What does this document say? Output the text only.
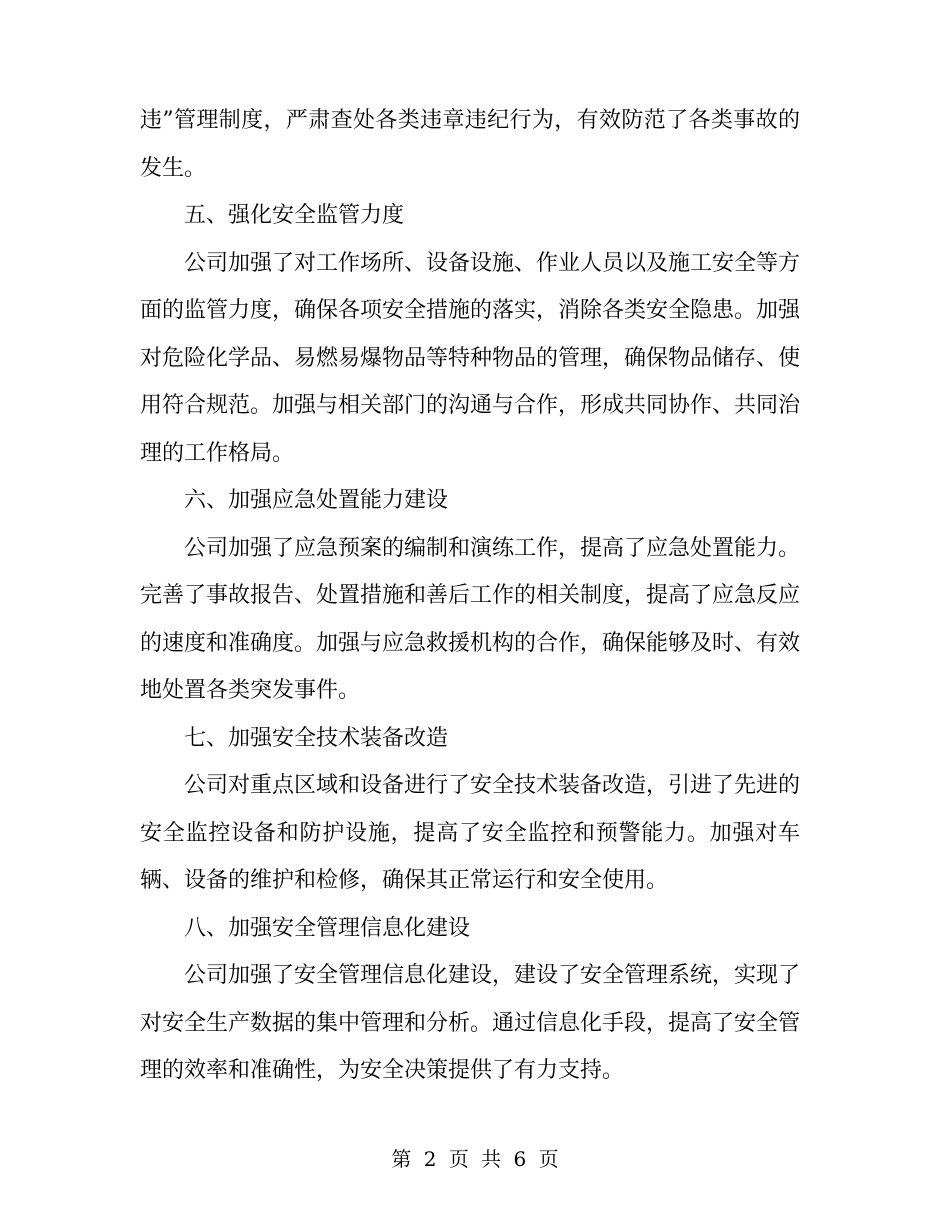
违”管理制度，严肃查处各类违章违纪行为，有效防范了各类事故的发生。

五、强化安全监管力度

公司加强了对工作场所、设备设施、作业人员以及施工安全等方面的监管力度，确保各项安全措施的落实，消除各类安全隐患。加强对危险化学品、易燃易爆物品等特种物品的管理，确保物品储存、使用符合规范。加强与相关部门的沟通与合作，形成共同协作、共同治理的工作格局。

六、加强应急处置能力建设

公司加强了应急预案的编制和演练工作，提高了应急处置能力。完善了事故报告、处置措施和善后工作的相关制度，提高了应急反应的速度和准确度。加强与应急救援机构的合作，确保能够及时、有效地处置各类突发事件。

七、加强安全技术装备改造

公司对重点区域和设备进行了安全技术装备改造，引进了先进的安全监控设备和防护设施，提高了安全监控和预警能力。加强对车辆、设备的维护和检修，确保其正常运行和安全使用。

八、加强安全管理信息化建设

公司加强了安全管理信息化建设，建设了安全管理系统，实现了对安全生产数据的集中管理和分析。通过信息化手段，提高了安全管理的效率和准确性，为安全决策提供了有力支持。

第 2 页 共 6 页
